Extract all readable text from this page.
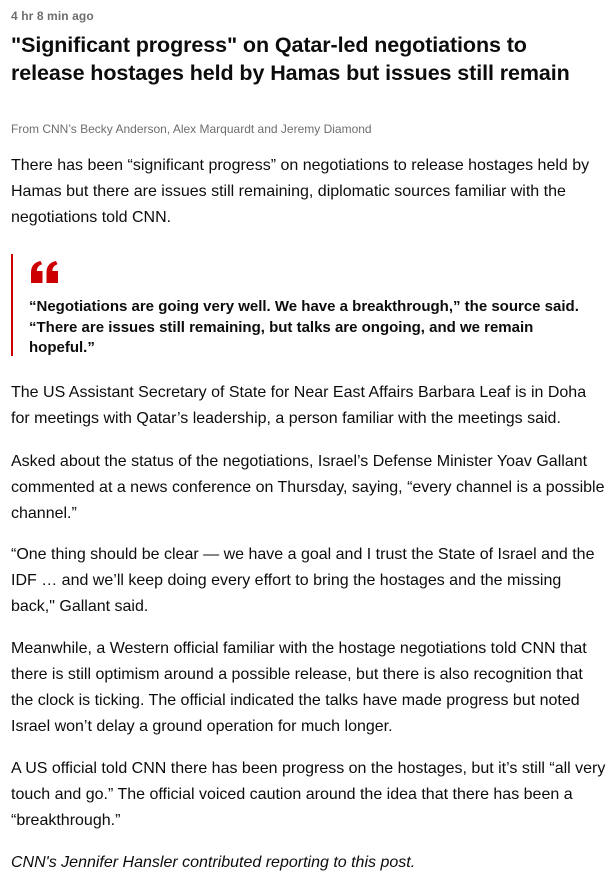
4 hr 8 min ago
"Significant progress" on Qatar-led negotiations to release hostages held by Hamas but issues still remain
From CNN’s Becky Anderson, Alex Marquardt and Jeremy Diamond

There has been “significant progress” on negotiations to release hostages held by Hamas but there are issues still remaining, diplomatic sources familiar with the negotiations told CNN.

“Negotiations are going very well. We have a breakthrough,” the source said. “There are issues still remaining, but talks are ongoing, and we remain hopeful.”

The US Assistant Secretary of State for Near East Affairs Barbara Leaf is in Doha for meetings with Qatar’s leadership, a person familiar with the meetings said.

Asked about the status of the negotiations, Israel’s Defense Minister Yoav Gallant commented at a news conference on Thursday, saying, “every channel is a possible channel.”

“One thing should be clear — we have a goal and I trust the State of Israel and the IDF … and we’ll keep doing every effort to bring the hostages and the missing back," Gallant said.

Meanwhile, a Western official familiar with the hostage negotiations told CNN that there is still optimism around a possible release, but there is also recognition that the clock is ticking. The official indicated the talks have made progress but noted Israel won’t delay a ground operation for much longer.

A US official told CNN there has been progress on the hostages, but it’s still “all very touch and go.” The official voiced caution around the idea that there has been a “breakthrough.”

CNN's Jennifer Hansler contributed reporting to this post.
